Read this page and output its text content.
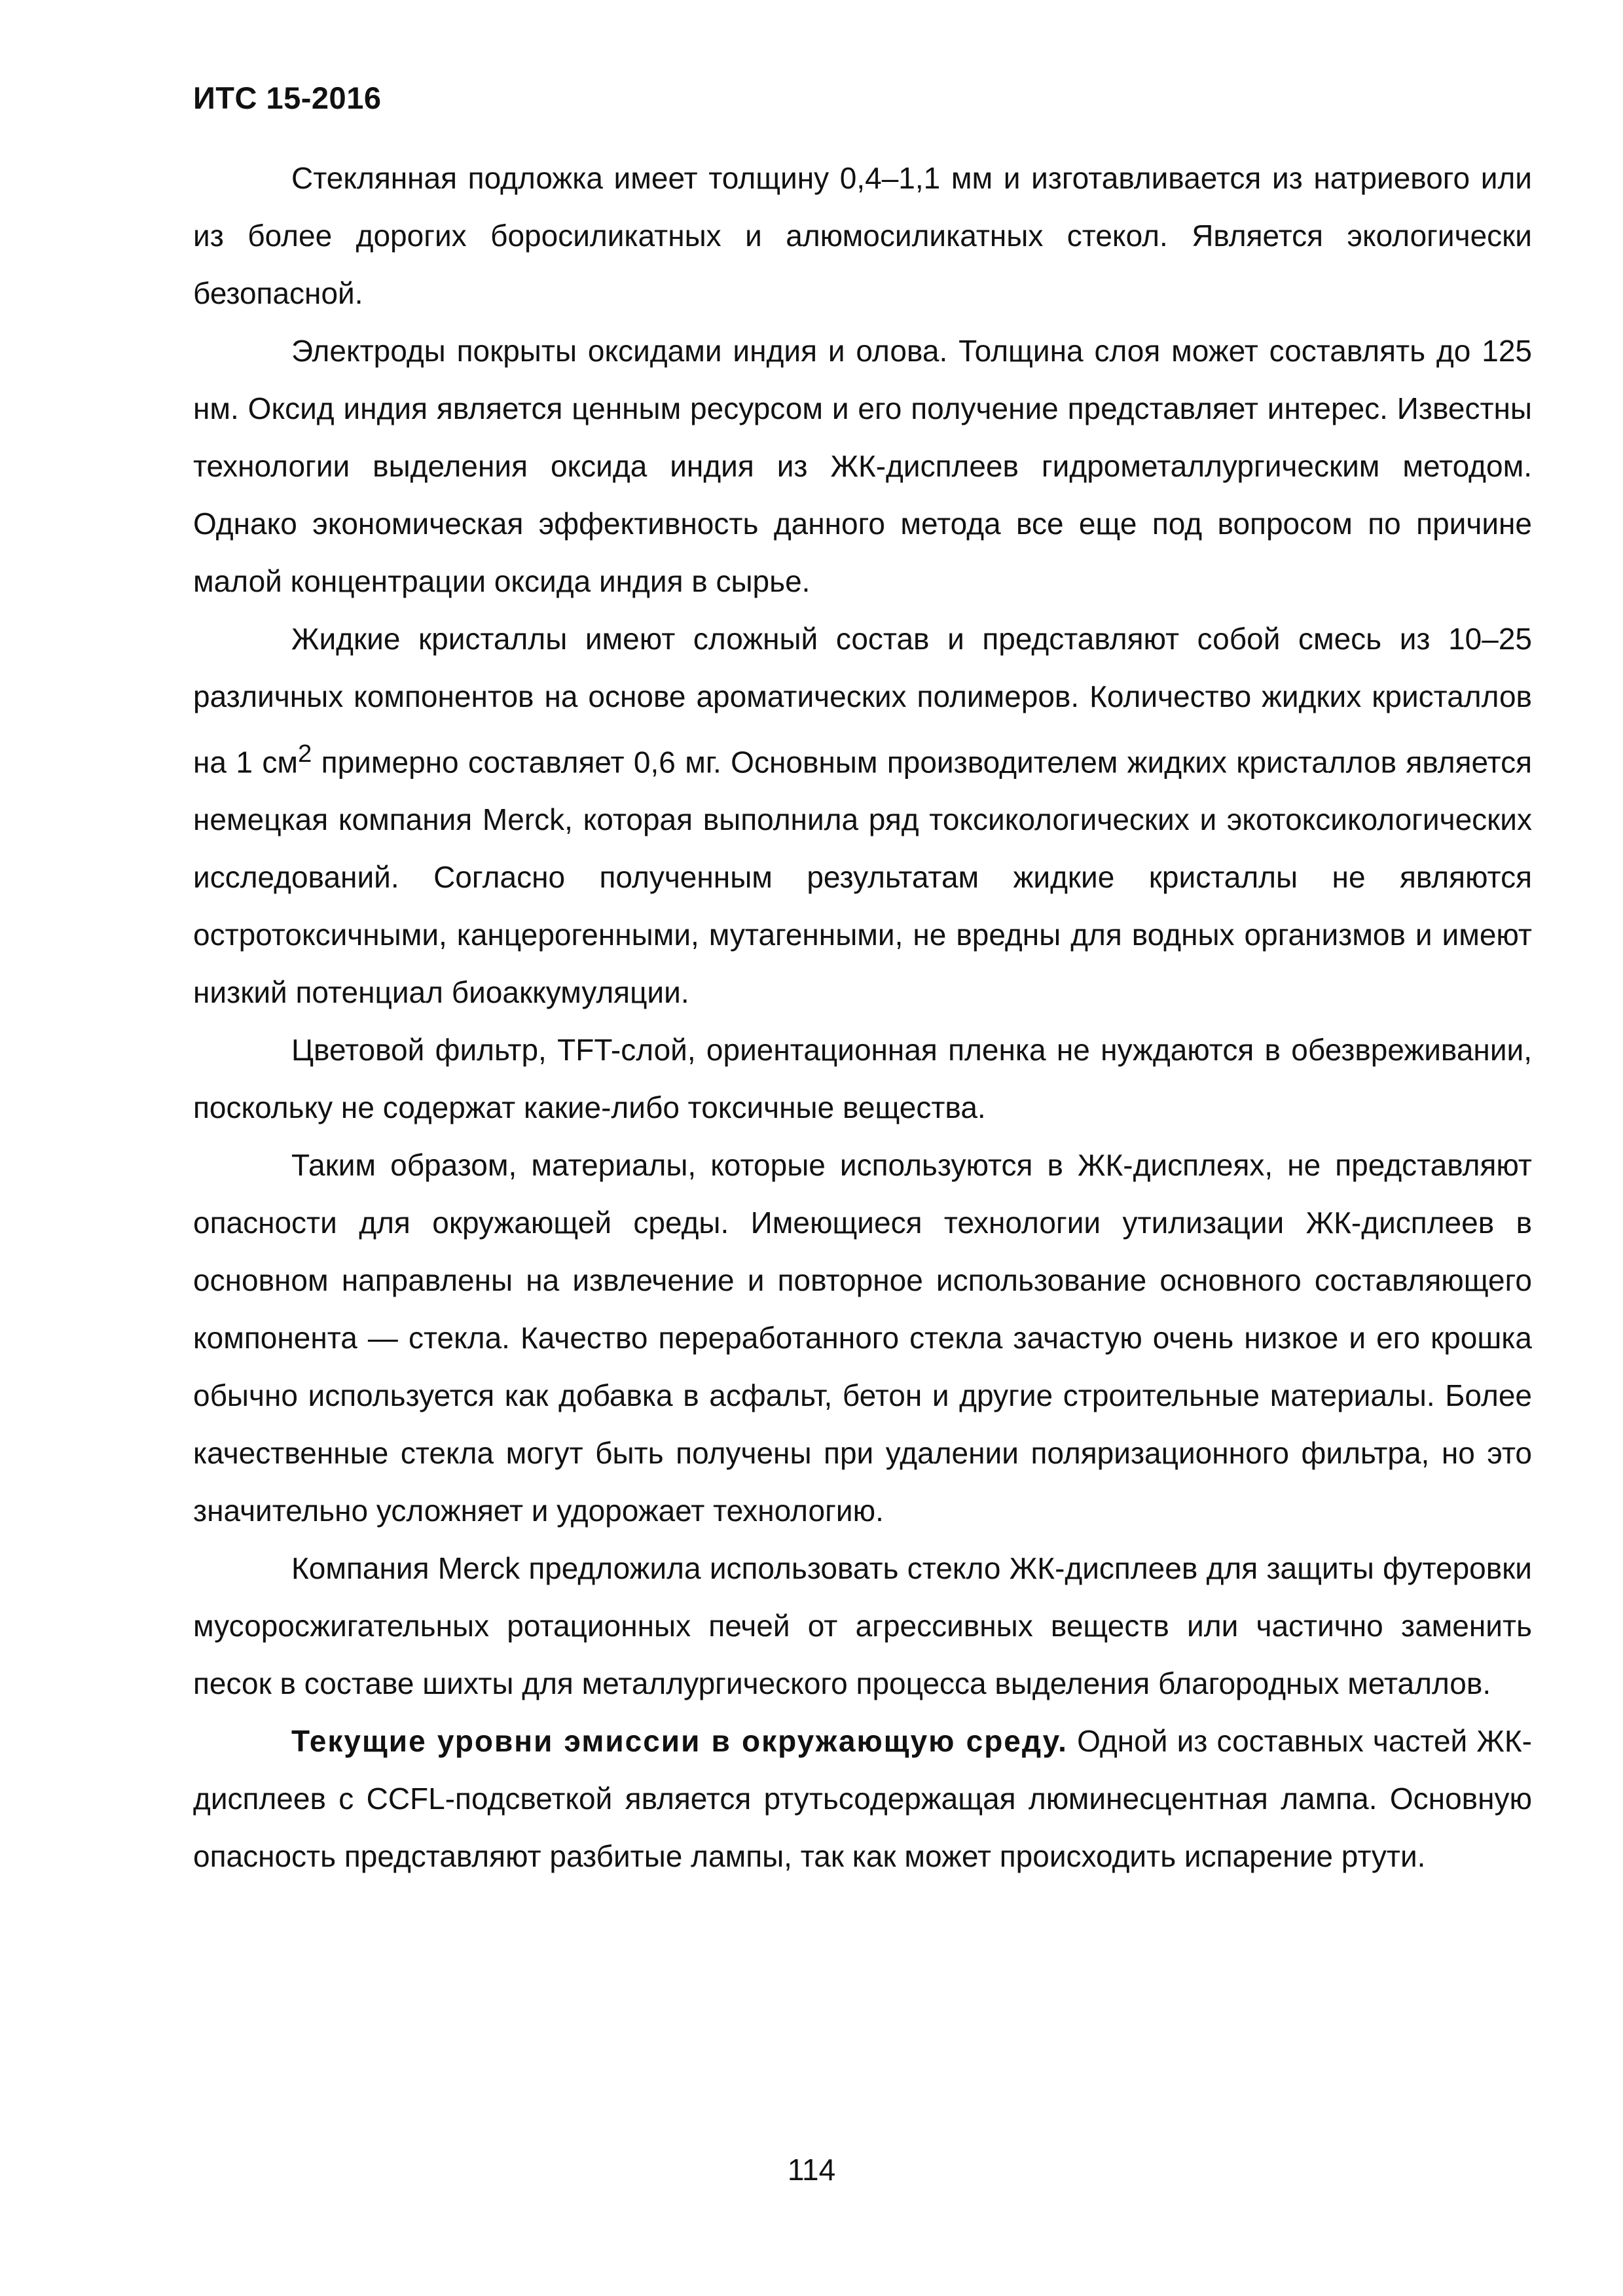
ИТС 15-2016

Стеклянная подложка имеет толщину 0,4–1,1 мм и изготавливается из натриевого или из более дорогих боросиликатных и алюмосиликатных стекол. Является экологически безопасной.

Электроды покрыты оксидами индия и олова. Толщина слоя может составлять до 125 нм. Оксид индия является ценным ресурсом и его получение представляет интерес. Известны технологии выделения оксида индия из ЖК-дисплеев гидрометаллургическим методом. Однако экономическая эффективность данного метода все еще под вопросом по причине малой концентрации оксида индия в сырье.

Жидкие кристаллы имеют сложный состав и представляют собой смесь из 10–25 различных компонентов на основе ароматических полимеров. Количество жидких кристаллов на 1 $см^2$ примерно составляет 0,6 мг. Основным производителем жидких кристаллов является немецкая компания Merck, которая выполнила ряд токсикологических и экотоксикологических исследований. Согласно полученным результатам жидкие кристаллы не являются остротоксичными, канцерогенными, мутагенными, не вредны для водных организмов и имеют низкий потенциал биоаккумуляции.

Цветовой фильтр, TFT-слой, ориентационная пленка не нуждаются в обезвреживании, поскольку не содержат какие-либо токсичные вещества.

Таким образом, материалы, которые используются в ЖК-дисплеях, не представляют опасности для окружающей среды. Имеющиеся технологии утилизации ЖК-дисплеев в основном направлены на извлечение и повторное использование основного составляющего компонента — стекла. Качество переработанного стекла зачастую очень низкое и его крошка обычно используется как добавка в асфальт, бетон и другие строительные материалы. Более качественные стекла могут быть получены при удалении поляризационного фильтра, но это значительно усложняет и удорожает технологию.

Компания Merck предложила использовать стекло ЖК-дисплеев для защиты футеровки мусоросжигательных ротационных печей от агрессивных веществ или частично заменить песок в составе шихты для металлургического процесса выделения благородных металлов.

Текущие уровни эмиссии в окружающую среду. Одной из составных частей ЖК-дисплеев с CCFL-подсветкой является ртутьсодержащая люминесцентная лампа. Основную опасность представляют разбитые лампы, так как может происходить испарение ртути.

114
